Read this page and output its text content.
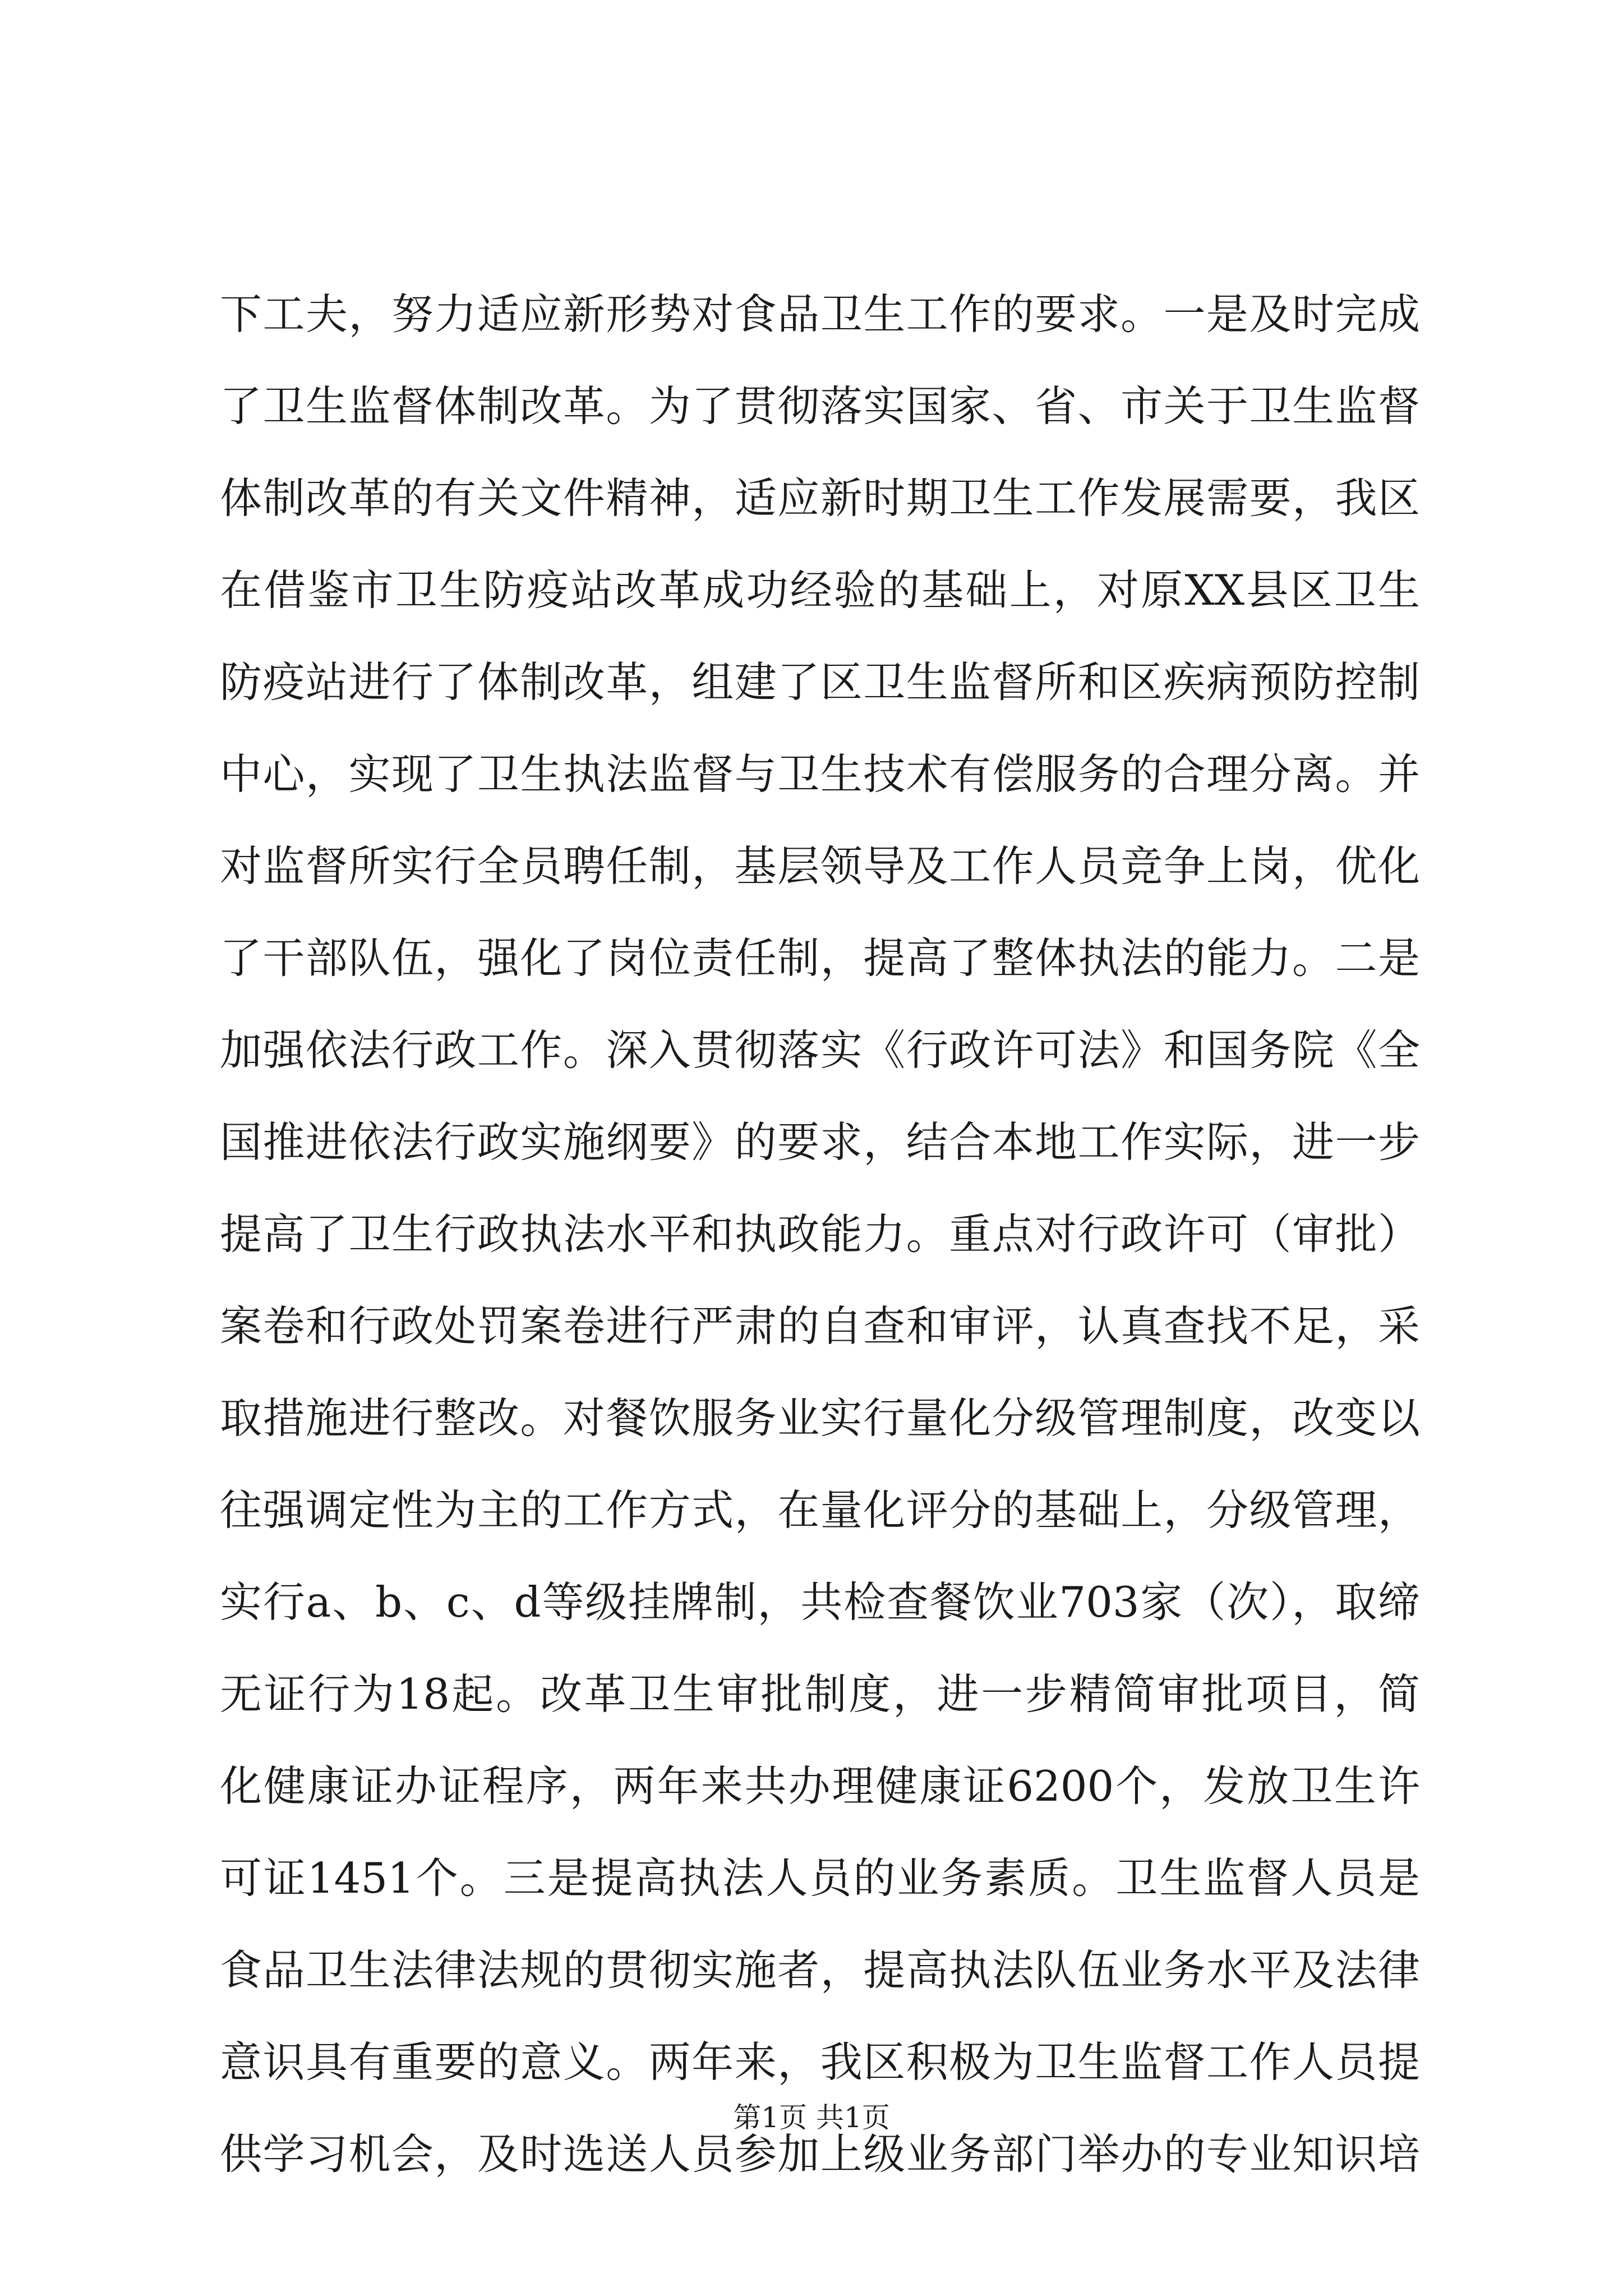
下工夫，努力适应新形势对食品卫生工作的要求。一是及时完成
了卫生监督体制改革。为了贯彻落实国家、省、市关于卫生监督
体制改革的有关文件精神，适应新时期卫生工作发展需要，我区
在借鉴市卫生防疫站改革成功经验的基础上，对原XX县区卫生
防疫站进行了体制改革，组建了区卫生监督所和区疾病预防控制
中心，实现了卫生执法监督与卫生技术有偿服务的合理分离。并
对监督所实行全员聘任制，基层领导及工作人员竞争上岗，优化
了干部队伍，强化了岗位责任制，提高了整体执法的能力。二是
加强依法行政工作。深入贯彻落实《行政许可法》和国务院《全
国推进依法行政实施纲要》的要求，结合本地工作实际，进一步
提高了卫生行政执法水平和执政能力。重点对行政许可（审批）
案卷和行政处罚案卷进行严肃的自查和审评，认真查找不足，采
取措施进行整改。对餐饮服务业实行量化分级管理制度，改变以
往强调定性为主的工作方式，在量化评分的基础上，分级管理，
实行a、b、c、d等级挂牌制，共检查餐饮业703家（次），取缔
无证行为18起。改革卫生审批制度，进一步精简审批项目，简
化健康证办证程序，两年来共办理健康证6200个，发放卫生许
可证1451个。三是提高执法人员的业务素质。卫生监督人员是
食品卫生法律法规的贯彻实施者，提高执法队伍业务水平及法律
意识具有重要的意义。两年来，我区积极为卫生监督工作人员提
供学习机会，及时选送人员参加上级业务部门举办的专业知识培
第1页 共1页
